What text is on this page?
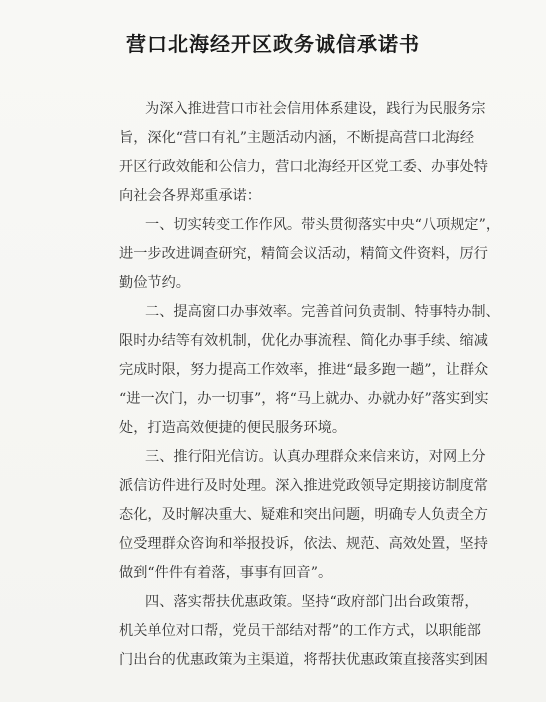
营口北海经开区政务诚信承诺书
为深入推进营口市社会信用体系建设，践行为民服务宗
旨，深化“营口有礼”主题活动内涵，不断提高营口北海经
开区行政效能和公信力，营口北海经开区党工委、办事处特
向社会各界郑重承诺：
一、切实转变工作作风。带头贯彻落实中央“八项规定”，
进一步改进调查研究，精简会议活动，精简文件资料，厉行
勤俭节约。
二、提高窗口办事效率。完善首问负责制、特事特办制、
限时办结等有效机制，优化办事流程、简化办事手续、缩减
完成时限，努力提高工作效率，推进“最多跑一趟”，让群众
“进一次门，办一切事”，将“马上就办、办就办好”落实到实
处，打造高效便捷的便民服务环境。
三、推行阳光信访。认真办理群众来信来访，对网上分
派信访件进行及时处理。深入推进党政领导定期接访制度常
态化，及时解决重大、疑难和突出问题，明确专人负责全方
位受理群众咨询和举报投诉，依法、规范、高效处置，坚持
做到“件件有着落，事事有回音”。
四、落实帮扶优惠政策。坚持“政府部门出台政策帮，
机关单位对口帮，党员干部结对帮”的工作方式，以职能部
门出台的优惠政策为主渠道，将帮扶优惠政策直接落实到困
